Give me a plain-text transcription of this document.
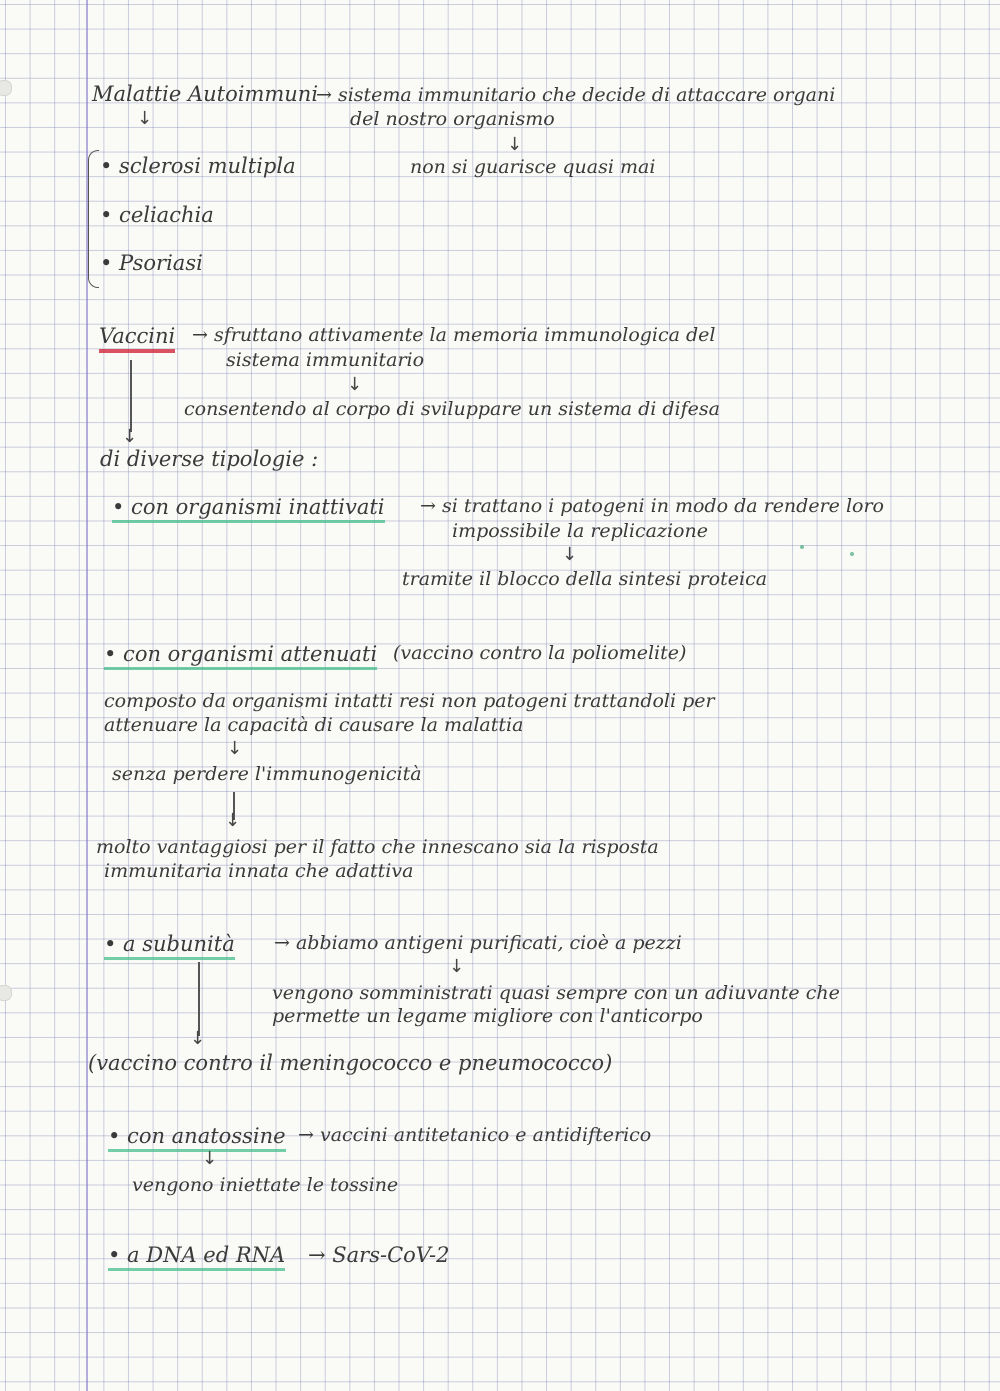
Malattie Autoimmuni
→ sistema immunitario che decide di attaccare organi
del nostro organismo
↓
↓
• sclerosi multipla	non si guarisce quasi mai
• celiachia
• Psoriasi
Vaccini → sfruttano attivamente la memoria immunologica del
sistema immunitario
↓
↓
consentendo al corpo di sviluppare un sistema di difesa
di diverse tipologie :
• con organismi inattivati → si trattano i patogeni in modo da rendere loro
impossibile la replicazione
↓
tramite il blocco della sintesi proteica
• con organismi attenuati (vaccino contro la poliomelite)
composto da organismi intatti resi non patogeni trattandoli per
attenuare la capacità di causare la malattia
↓
senza perdere l'immunogenicità
↓
molto vantaggiosi per il fatto che innescano sia la risposta
immunitaria innata che adattiva
• a subunità → abbiamo antigeni purificati, cioè a pezzi
↓
↓
vengono somministrati quasi sempre con un adiuvante che
permette un legame migliore con l'anticorpo
(vaccino contro il meningococco e pneumococco)
• con anatossine → vaccini antitetanico e antidifterico
↓
vengono iniettate le tossine
• a DNA ed RNA → Sars-CoV-2
